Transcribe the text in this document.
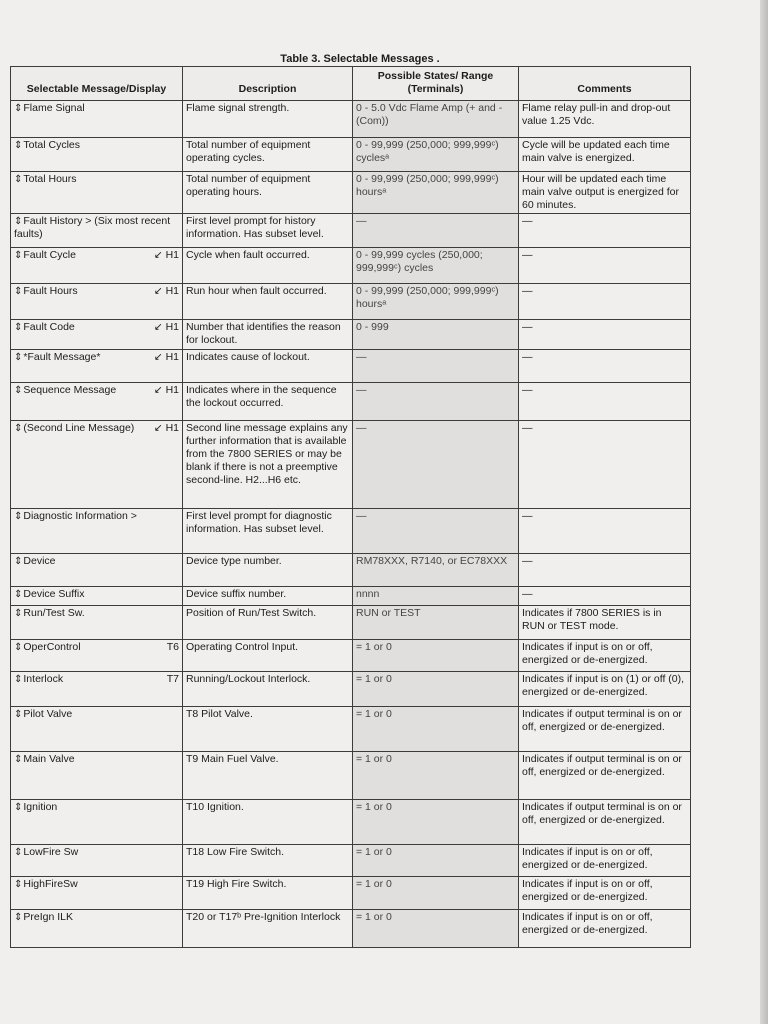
Table 3. Selectable Messages .
Selectable Message/Display	Description	Possible States/ Range (Terminals)	Comments

⇕Flame Signal	Flame signal strength.	0 - 5.0 Vdc Flame Amp (+ and - (Com))	Flame relay pull-in and drop-out value 1.25 Vdc.

⇕Total Cycles	Total number of equipment operating cycles.	0 - 99,999 (250,000; 999,999ᶜ) cyclesᵃ	Cycle will be updated each time main valve is energized.

⇕Total Hours	Total number of equipment operating hours.	0 - 99,999 (250,000; 999,999ᶜ) hoursᵃ	Hour will be updated each time main valve output is energized for 60 minutes.

⇕Fault History > (Six most recent faults)	First level prompt for history information. Has subset level.	—	—

⇕Fault Cycle ↙ H1	Cycle when fault occurred.	0 - 99,999 cycles (250,000; 999,999ᶜ) cycles	—

⇕Fault Hours ↙ H1	Run hour when fault occurred.	0 - 99,999 (250,000; 999,999ᶜ) hoursᵃ	—

⇕Fault Code ↙ H1	Number that identifies the reason for lockout.	0 - 999	—

⇕*Fault Message* ↙ H1	Indicates cause of lockout.	—	—

⇕Sequence Message ↙ H1	Indicates where in the sequence the lockout occurred.	—	—

⇕(Second Line Message) ↙ H1	Second line message explains any further information that is available from the 7800 SERIES or may be blank if there is not a preemptive second-line. H2...H6 etc.	—	—

⇕Diagnostic Information >	First level prompt for diagnostic information. Has subset level.	—	—

⇕Device	Device type number.	RM78XXX, R7140, or EC78XXX	—

⇕Device Suffix	Device suffix number.	nnnn	—

⇕Run/Test Sw.	Position of Run/Test Switch.	RUN or TEST	Indicates if 7800 SERIES is in RUN or TEST mode.

⇕OperControl T6	Operating Control Input.	= 1 or 0	Indicates if input is on or off, energized or de-energized.

⇕Interlock T7	Running/Lockout Interlock.	= 1 or 0	Indicates if input is on (1) or off (0), energized or de-energized.

⇕Pilot Valve	T8 Pilot Valve.	= 1 or 0	Indicates if output terminal is on or off, energized or de-energized.

⇕Main Valve	T9 Main Fuel Valve.	= 1 or 0	Indicates if output terminal is on or off, energized or de-energized.

⇕Ignition	T10 Ignition.	= 1 or 0	Indicates if output terminal is on or off, energized or de-energized.

⇕LowFire Sw	T18 Low Fire Switch.	= 1 or 0	Indicates if input is on or off, energized or de-energized.

⇕HighFireSw	T19 High Fire Switch.	= 1 or 0	Indicates if input is on or off, energized or de-energized.

⇕PreIgn ILK	T20 or T17ᵇ Pre-Ignition Interlock	= 1 or 0	Indicates if input is on or off, energized or de-energized.
